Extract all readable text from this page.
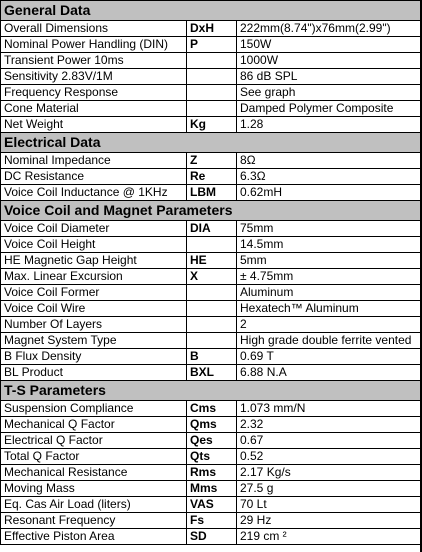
General Data		
Overall Dimensions	DxH	222mm(8.74")x76mm(2.99")
Nominal Power Handling (DIN)	P	150W
Transient Power 10ms		1000W
Sensitivity 2.83V/1M		86 dB SPL
Frequency Response		See graph
Cone Material		Damped Polymer Composite
Net Weight	Kg	1.28
Electrical Data		
Nominal Impedance	Z	8Ω
DC Resistance	Re	6.3Ω
Voice Coil Inductance @ 1KHz	LBM	0.62mH
Voice Coil and Magnet Parameters		
Voice Coil Diameter	DIA	75mm
Voice Coil Height		14.5mm
HE Magnetic Gap Height	HE	5mm
Max. Linear Excursion	X	± 4.75mm
Voice Coil Former		Aluminum
Voice Coil Wire		Hexatech™ Aluminum
Number Of Layers		2
Magnet System Type		High grade double ferrite vented
B Flux Density	B	0.69 T
BL Product	BXL	6.88 N.A
T-S Parameters		
Suspension Compliance	Cms	1.073 mm/N
Mechanical Q Factor	Qms	2.32
Electrical Q Factor	Qes	0.67
Total Q Factor	Qts	0.52
Mechanical Resistance	Rms	2.17 Kg/s
Moving Mass	Mms	27.5 g
Eq. Cas Air Load (liters)	VAS	70 Lt
Resonant Frequency	Fs	29 Hz
Effective Piston Area	SD	219 cm ²
